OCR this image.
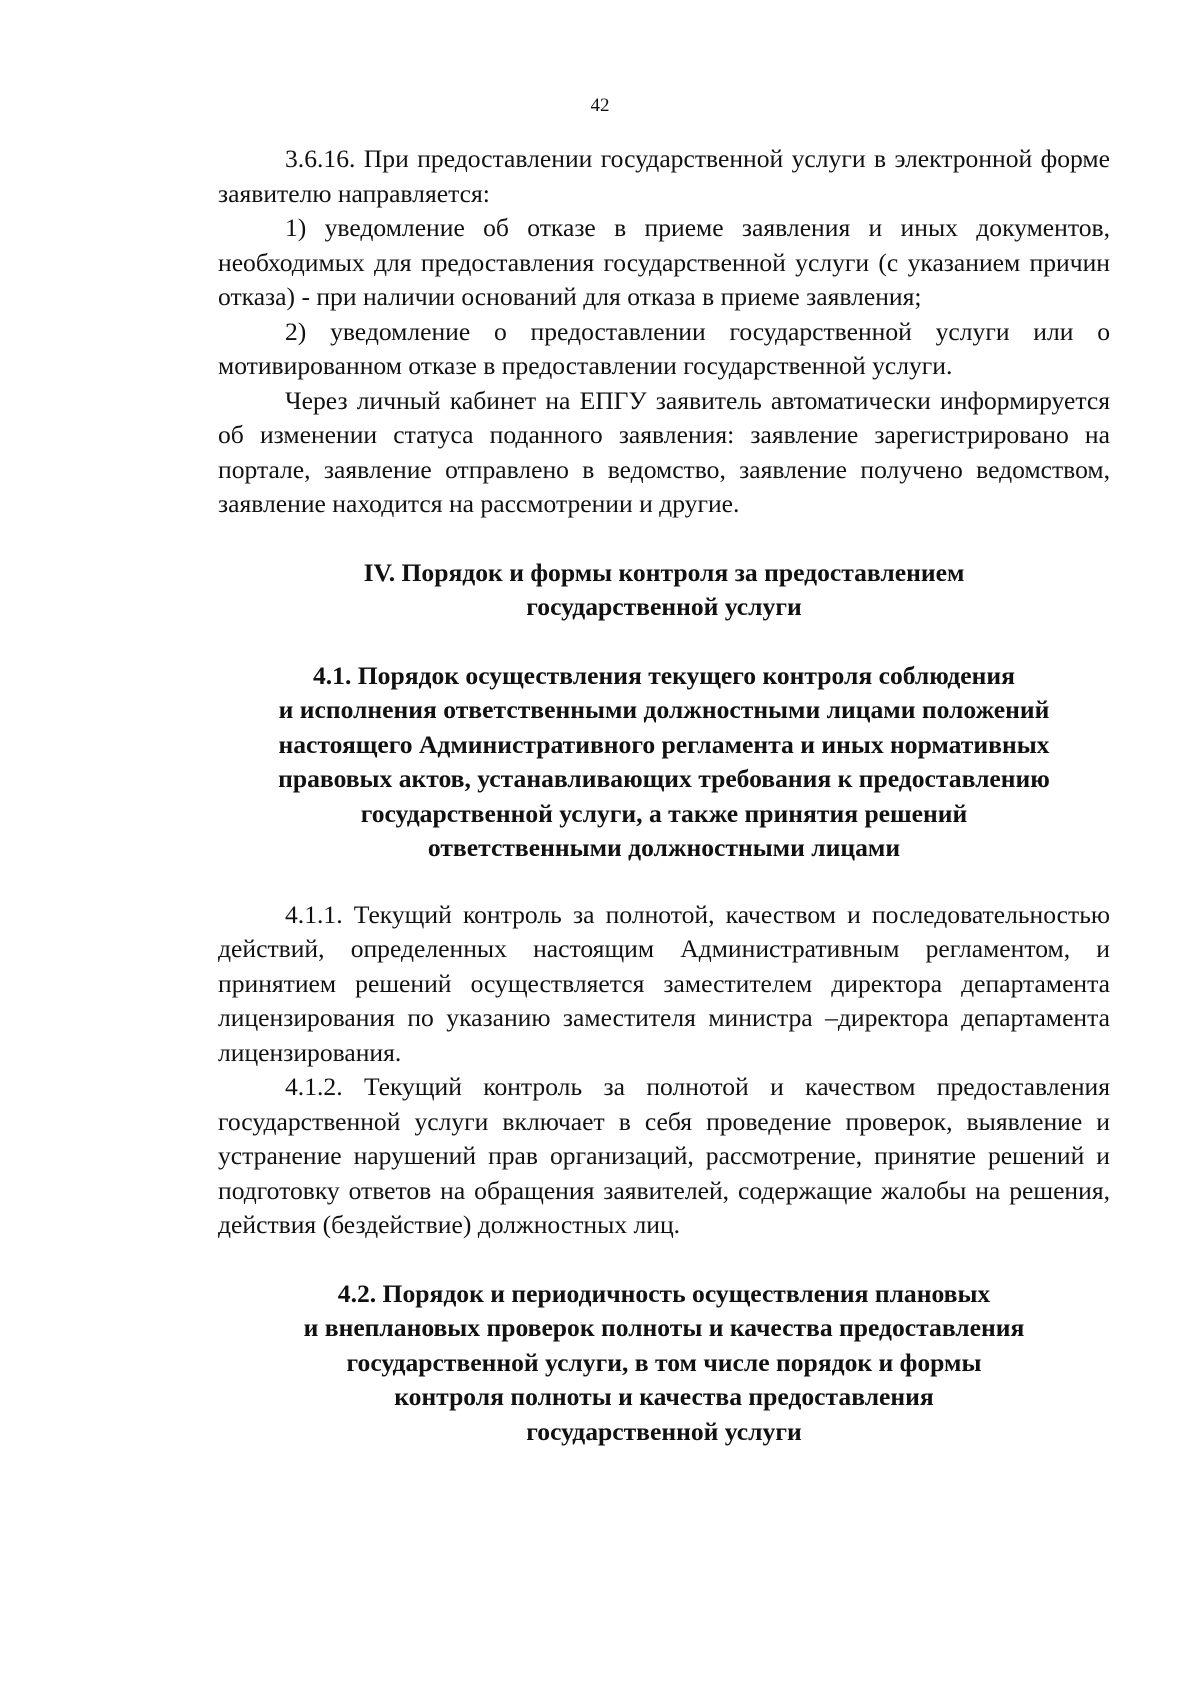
42

3.6.16. При предоставлении государственной услуги в электронной форме заявителю направляется:

1) уведомление об отказе в приеме заявления и иных документов, необходимых для предоставления государственной услуги (с указанием причин отказа) - при наличии оснований для отказа в приеме заявления;

2) уведомление о предоставлении государственной услуги или о мотивированном отказе в предоставлении государственной услуги.

Через личный кабинет на ЕПГУ заявитель автоматически информируется об изменении статуса поданного заявления: заявление зарегистрировано на портале, заявление отправлено в ведомство, заявление получено ведомством, заявление находится на рассмотрении и другие.

IV. Порядок и формы контроля за предоставлением
государственной услуги
4.1. Порядок осуществления текущего контроля соблюдения
и исполнения ответственными должностными лицами положений
настоящего Административного регламента и иных нормативных
правовых актов, устанавливающих требования к предоставлению
государственной услуги, а также принятия решений
ответственными должностными лицами

4.1.1. Текущий контроль за полнотой, качеством и последовательностью действий, определенных настоящим Административным регламентом, и принятием решений осуществляется заместителем директора департамента лицензирования по указанию заместителя министра –директора департамента лицензирования.

4.1.2. Текущий контроль за полнотой и качеством предоставления государственной услуги включает в себя проведение проверок, выявление и устранение нарушений прав организаций, рассмотрение, принятие решений и подготовку ответов на обращения заявителей, содержащие жалобы на решения, действия (бездействие) должностных лиц.

4.2. Порядок и периодичность осуществления плановых
и внеплановых проверок полноты и качества предоставления
государственной услуги, в том числе порядок и формы
контроля полноты и качества предоставления
государственной услуги
